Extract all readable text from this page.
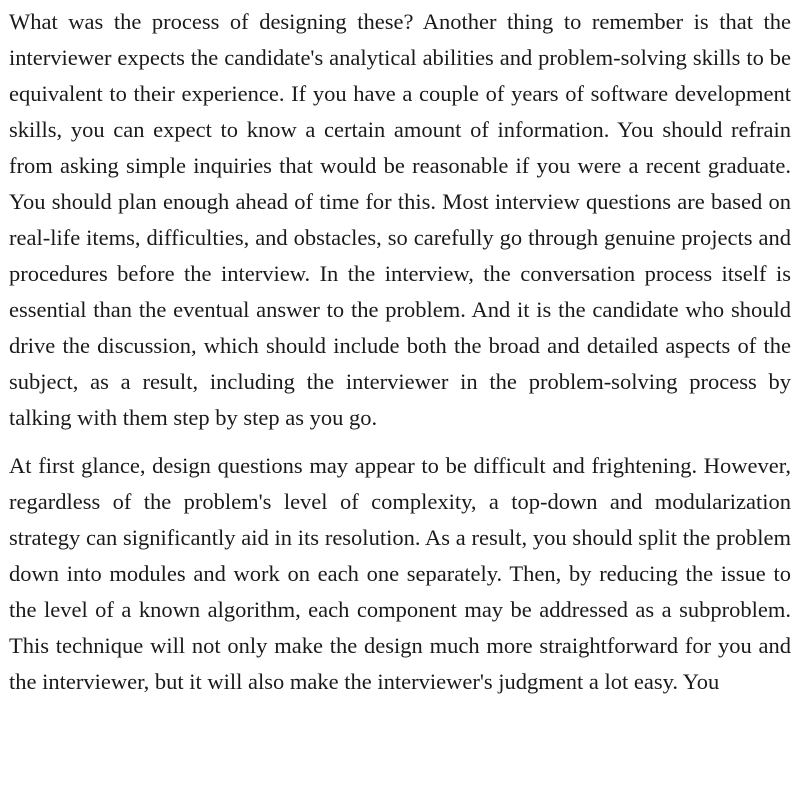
What was the process of designing these? Another thing to remember is that the interviewer expects the candidate's analytical abilities and problem-solving skills to be equivalent to their experience. If you have a couple of years of software development skills, you can expect to know a certain amount of information. You should refrain from asking simple inquiries that would be reasonable if you were a recent graduate. You should plan enough ahead of time for this. Most interview questions are based on real-life items, difficulties, and obstacles, so carefully go through genuine projects and procedures before the interview. In the interview, the conversation process itself is essential than the eventual answer to the problem. And it is the candidate who should drive the discussion, which should include both the broad and detailed aspects of the subject, as a result, including the interviewer in the problem-solving process by talking with them step by step as you go.

At first glance, design questions may appear to be difficult and frightening. However, regardless of the problem's level of complexity, a top-down and modularization strategy can significantly aid in its resolution. As a result, you should split the problem down into modules and work on each one separately. Then, by reducing the issue to the level of a known algorithm, each component may be addressed as a subproblem. This technique will not only make the design much more straightforward for you and the interviewer, but it will also make the interviewer's judgment a lot easy. You
